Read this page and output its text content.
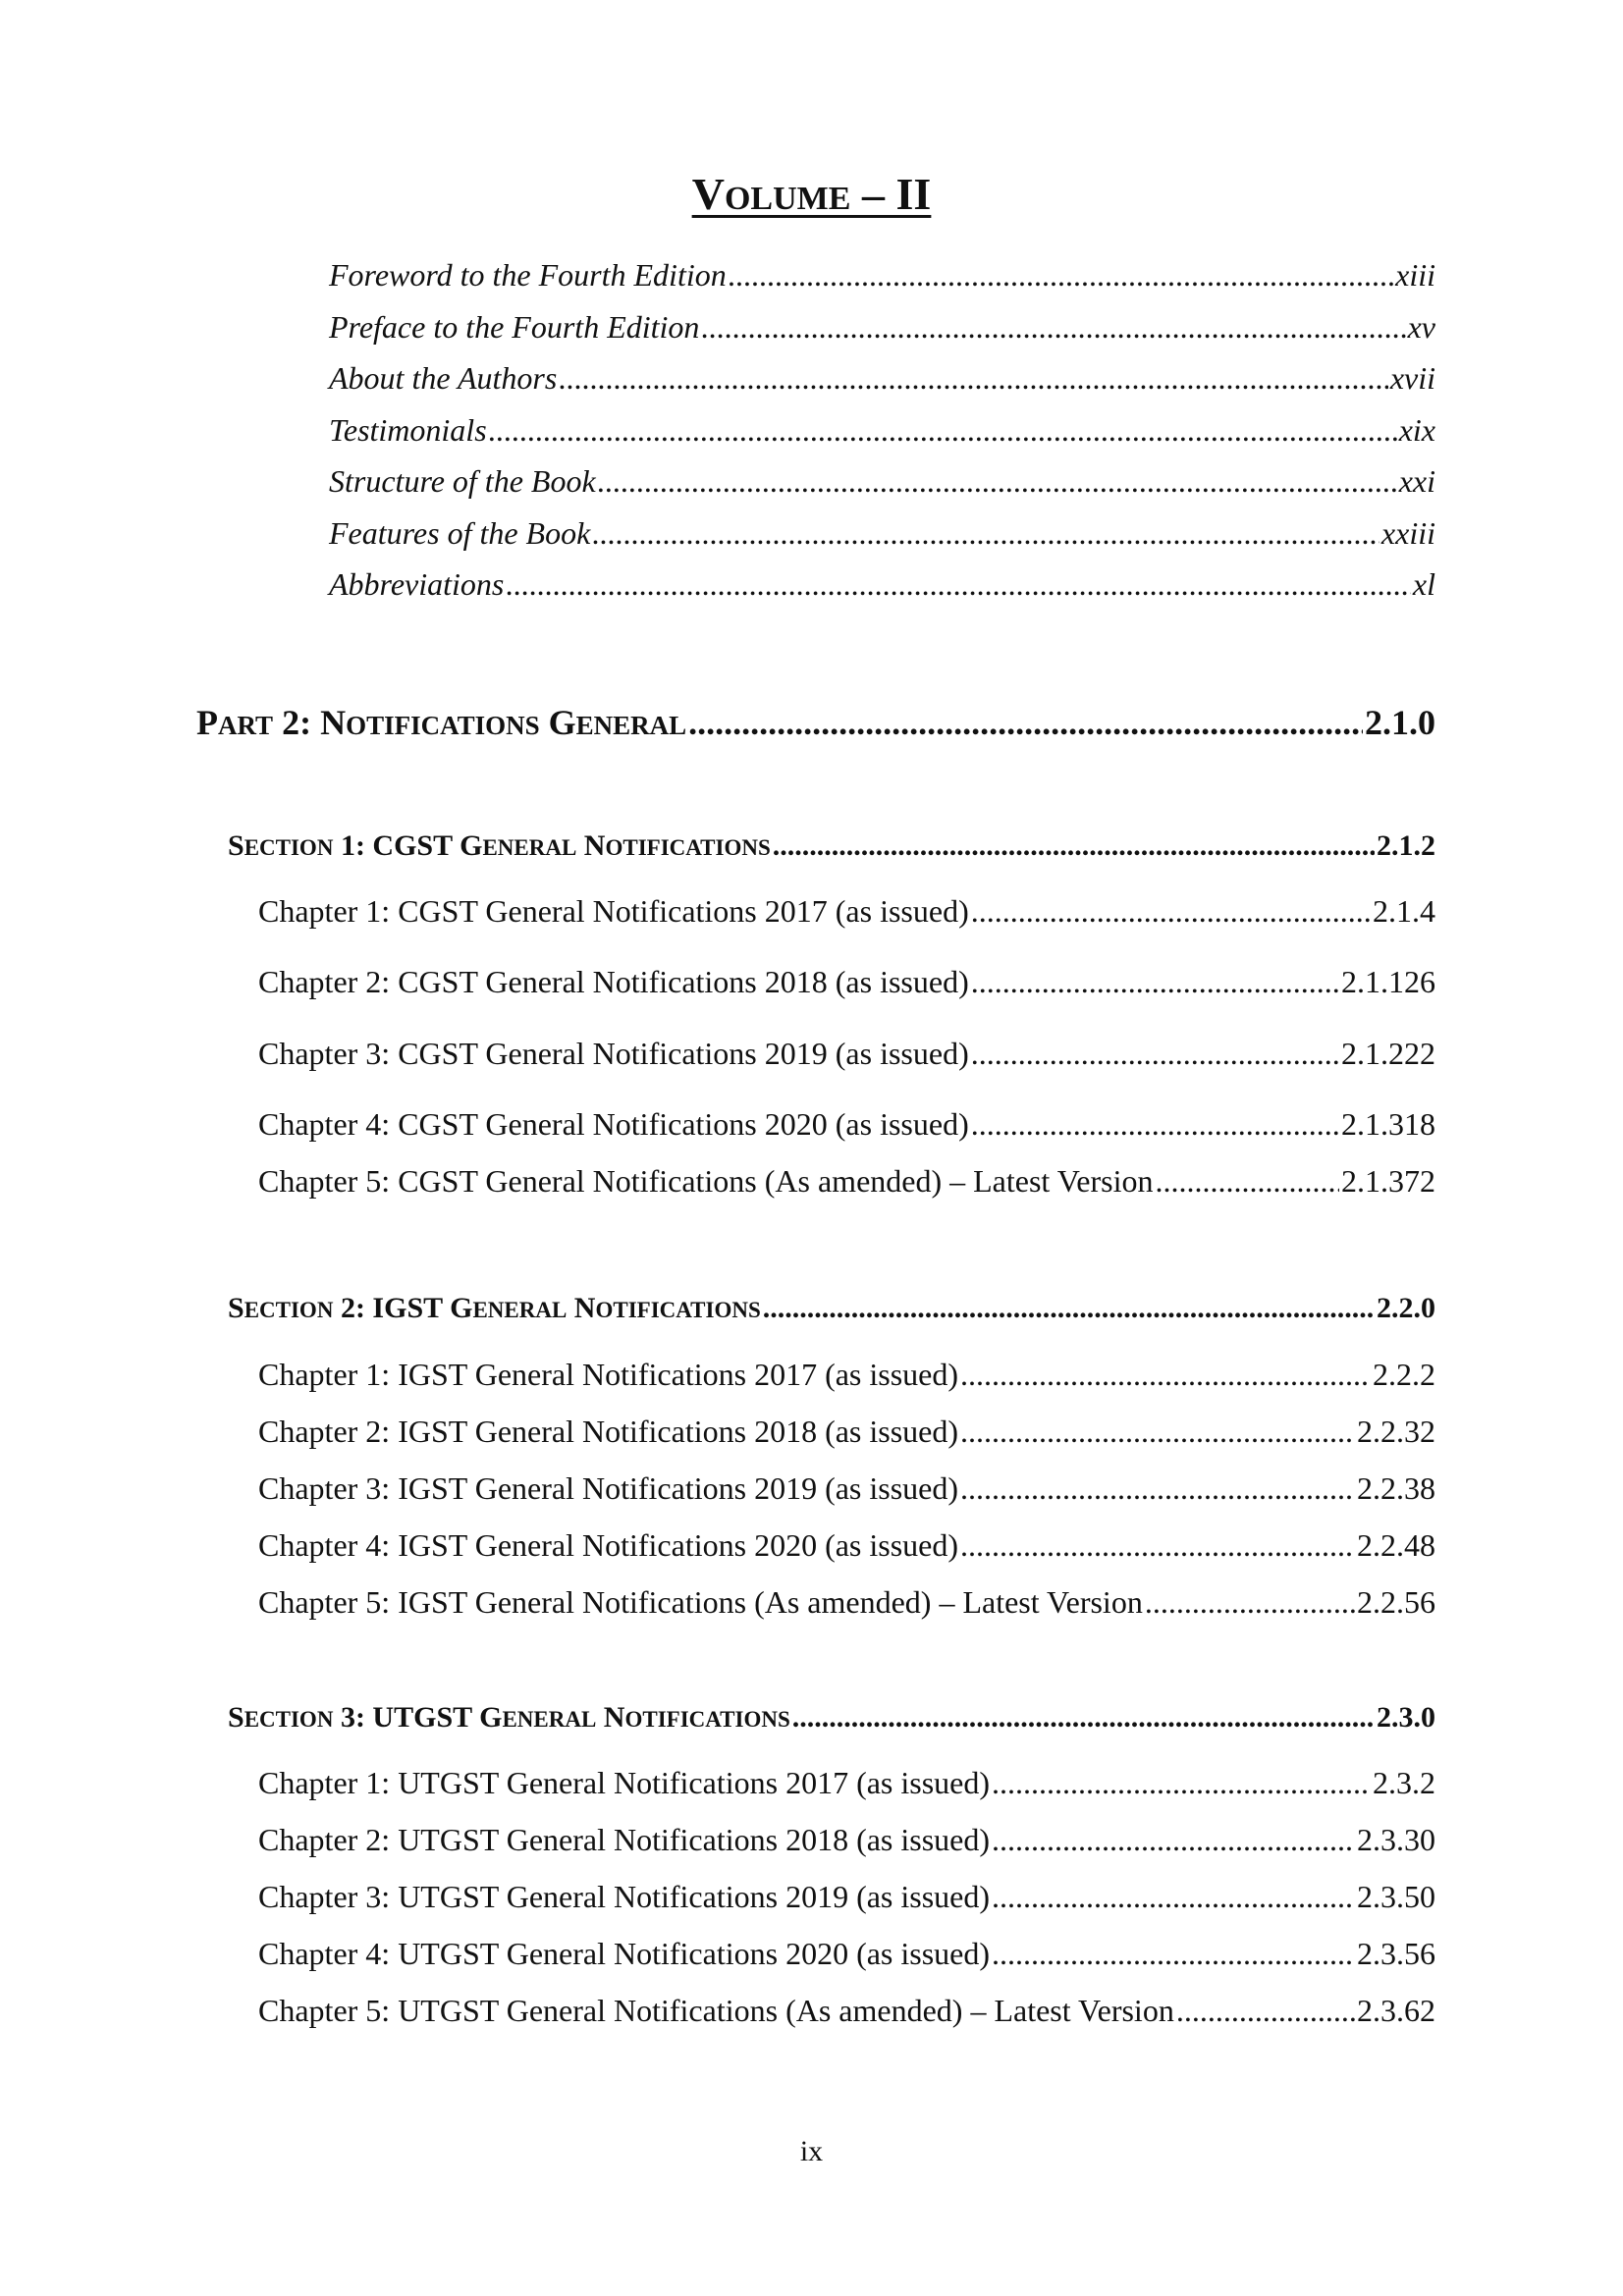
VOLUME – II
Foreword to the Fourth Edition .....	xiii
Preface to the Fourth Edition .....	xv
About the Authors .....	xvii
Testimonials .....	xix
Structure of the Book .....	xxi
Features of the Book .....	xxiii
Abbreviations .....	xl
PART 2: NOTIFICATIONS GENERAL .....	2.1.0
SECTION 1: CGST GENERAL NOTIFICATIONS .....	2.1.2
Chapter 1: CGST General Notifications 2017 (as issued) .....	2.1.4
Chapter 2: CGST General Notifications 2018 (as issued) .....	2.1.126
Chapter 3: CGST General Notifications 2019 (as issued) .....	2.1.222
Chapter 4: CGST General Notifications 2020 (as issued) .....	2.1.318
Chapter 5: CGST General Notifications (As amended) – Latest Version .....	2.1.372
SECTION 2: IGST GENERAL NOTIFICATIONS .....	2.2.0
Chapter 1: IGST General Notifications 2017 (as issued) .....	2.2.2
Chapter 2: IGST General Notifications 2018 (as issued) .....	2.2.32
Chapter 3: IGST General Notifications 2019 (as issued) .....	2.2.38
Chapter 4: IGST General Notifications 2020 (as issued) .....	2.2.48
Chapter 5: IGST General Notifications (As amended) – Latest Version .....	2.2.56
SECTION 3: UTGST GENERAL NOTIFICATIONS .....	2.3.0
Chapter 1: UTGST General Notifications 2017 (as issued) .....	2.3.2
Chapter 2: UTGST General Notifications 2018 (as issued) .....	2.3.30
Chapter 3: UTGST General Notifications 2019 (as issued) .....	2.3.50
Chapter 4: UTGST General Notifications 2020 (as issued) .....	2.3.56
Chapter 5: UTGST General Notifications (As amended) – Latest Version .....	2.3.62
ix
